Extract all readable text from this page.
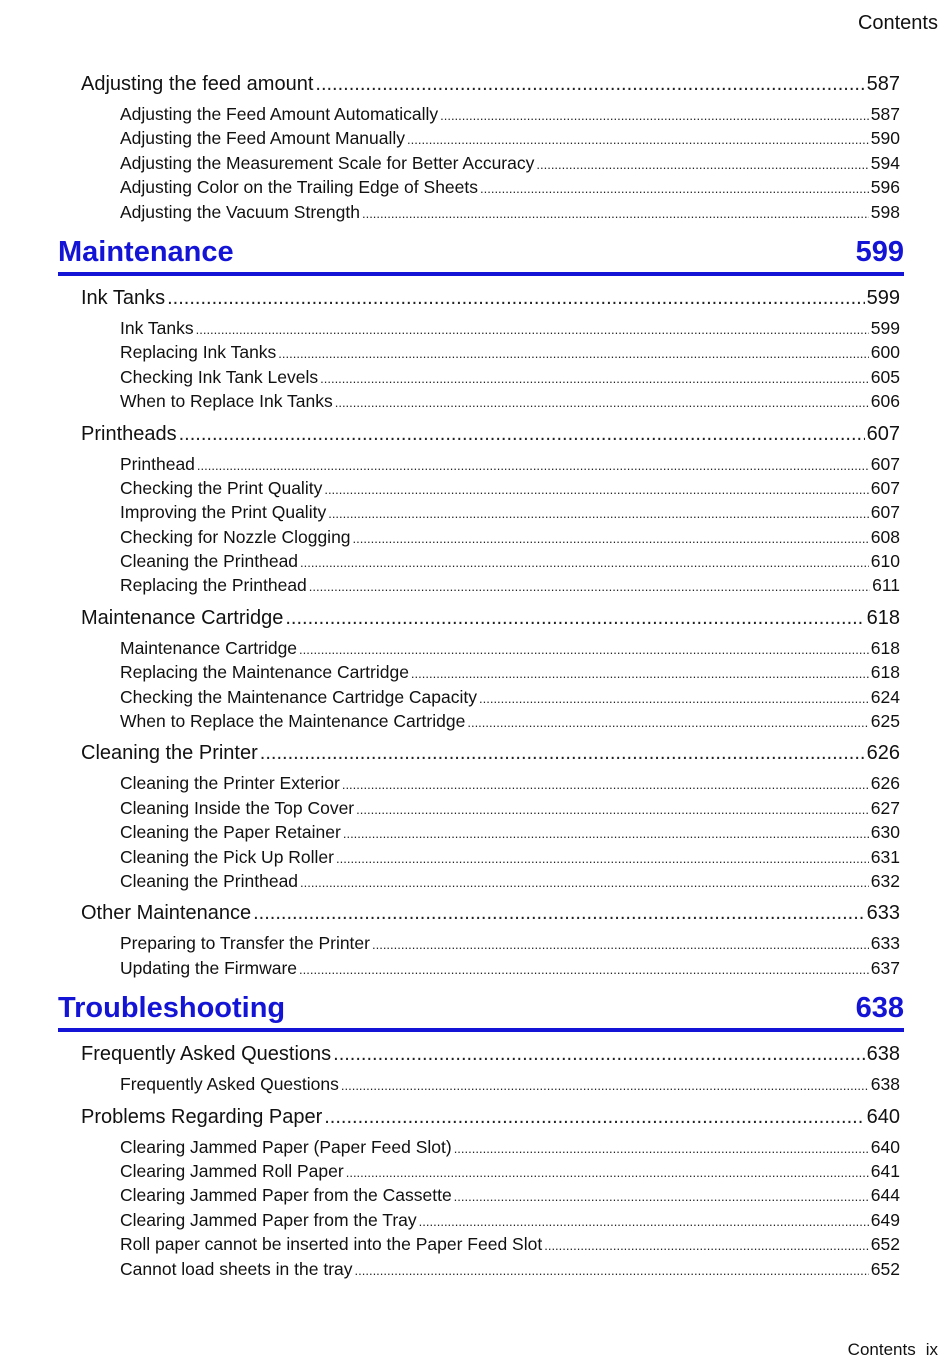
Contents
Adjusting the feed amount .....	587
Adjusting the Feed Amount Automatically .....	587
Adjusting the Feed Amount Manually .....	590
Adjusting the Measurement Scale for Better Accuracy .....	594
Adjusting Color on the Trailing Edge of Sheets .....	596
Adjusting the Vacuum Strength .....	598
Maintenance	599
Ink Tanks .....	599
Ink Tanks .....	599
Replacing Ink Tanks .....	600
Checking Ink Tank Levels .....	605
When to Replace Ink Tanks .....	606
Printheads .....	607
Printhead .....	607
Checking the Print Quality .....	607
Improving the Print Quality .....	607
Checking for Nozzle Clogging .....	608
Cleaning the Printhead .....	610
Replacing the Printhead .....	611
Maintenance Cartridge .....	618
Maintenance Cartridge .....	618
Replacing the Maintenance Cartridge .....	618
Checking the Maintenance Cartridge Capacity .....	624
When to Replace the Maintenance Cartridge .....	625
Cleaning the Printer .....	626
Cleaning the Printer Exterior .....	626
Cleaning Inside the Top Cover .....	627
Cleaning the Paper Retainer .....	630
Cleaning the Pick Up Roller .....	631
Cleaning the Printhead .....	632
Other Maintenance .....	633
Preparing to Transfer the Printer .....	633
Updating the Firmware .....	637
Troubleshooting	638
Frequently Asked Questions .....	638
Frequently Asked Questions .....	638
Problems Regarding Paper .....	640
Clearing Jammed Paper (Paper Feed Slot) .....	640
Clearing Jammed Roll Paper .....	641
Clearing Jammed Paper from the Cassette .....	644
Clearing Jammed Paper from the Tray .....	649
Roll paper cannot be inserted into the Paper Feed Slot .....	652
Cannot load sheets in the tray .....	652
Contents ix
